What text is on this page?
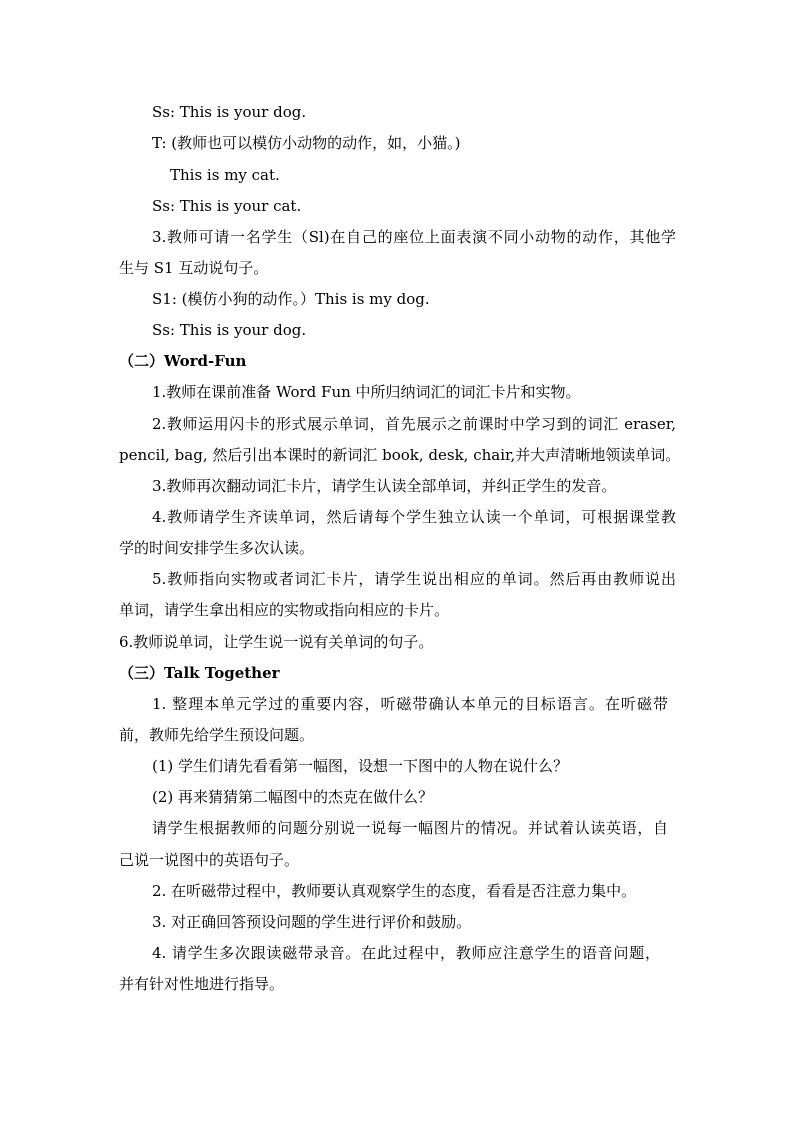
Ss: This is your dog.
T: (教师也可以模仿小动物的动作，如，小猫。)
This is my cat.
Ss: This is your cat.
3.教师可请一名学生（Sl)在自己的座位上面表演不同小动物的动作，其他学
生与 S1 互动说句子。
S1: (模仿小狗的动作。）This is my dog.
Ss: This is your dog.
（二）Word-Fun
1.教师在课前准备 Word Fun 中所归纳词汇的词汇卡片和实物。
2.教师运用闪卡的形式展示单词，首先展示之前课时中学习到的词汇 eraser,
pencil, bag, 然后引出本课时的新词汇 book, desk, chair,并大声清晰地领读单词。
3.教师再次翻动词汇卡片，请学生认读全部单词，并纠正学生的发音。
4.教师请学生齐读单词，然后请每个学生独立认读一个单词，可根据课堂教
学的时间安排学生多次认读。
5.教师指向实物或者词汇卡片，请学生说出相应的单词。然后再由教师说出
单词，请学生拿出相应的实物或指向相应的卡片。
6.教师说单词，让学生说一说有关单词的句子。
（三）Talk Together
1. 整理本单元学过的重要内容，听磁带确认本单元的目标语言。在听磁带
前，教师先给学生预设问题。
(1) 学生们请先看看第一幅图，设想一下图中的人物在说什么？
(2) 再来猜猜第二幅图中的杰克在做什么？
请学生根据教师的问题分别说一说每一幅图片的情况。并试着认读英语，自
己说一说图中的英语句子。
2. 在听磁带过程中，教师要认真观察学生的态度，看看是否注意力集中。
3. 对正确回答预设问题的学生进行评价和鼓励。
4. 请学生多次跟读磁带录音。在此过程中，教师应注意学生的语音问题，
并有针对性地进行指导。
